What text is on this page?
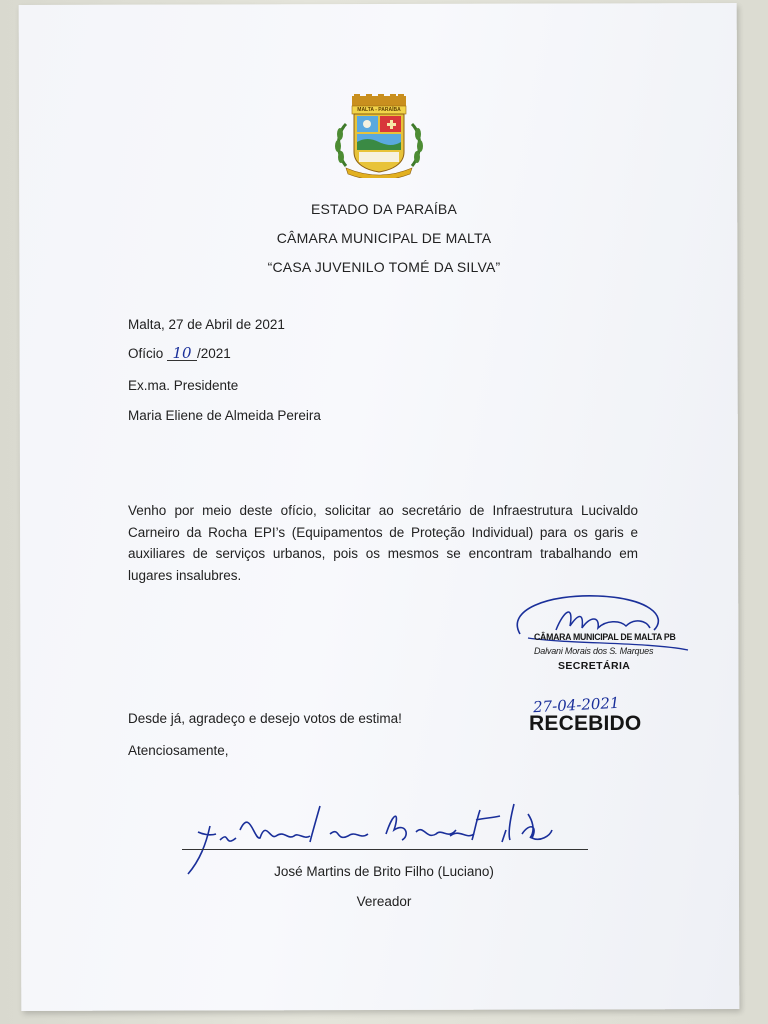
MALTA - PARAÍBA
ESTADO DA PARAÍBA
CÂMARA MUNICIPAL DE MALTA
“CASA JUVENILO TOMÉ DA SILVA”
Malta, 27 de Abril de 2021
Ofício 10 /2021
Ex.ma. Presidente
Maria Eliene de Almeida Pereira
Venho por meio deste ofício, solicitar ao secretário de Infraestrutura Lucivaldo Carneiro da Rocha EPI’s (Equipamentos de Proteção Individual) para os garis e auxiliares de serviços urbanos, pois os mesmos se encontram trabalhando em lugares insalubres.
CÂMARA MUNICIPAL DE MALTA PB
Dalvani Morais dos S. Marques
SECRETÁRIA
27-04-2021
RECEBIDO
Desde já, agradeço e desejo votos de estima!
Atenciosamente,
José Martins de Brito Filho (Luciano)
Vereador
